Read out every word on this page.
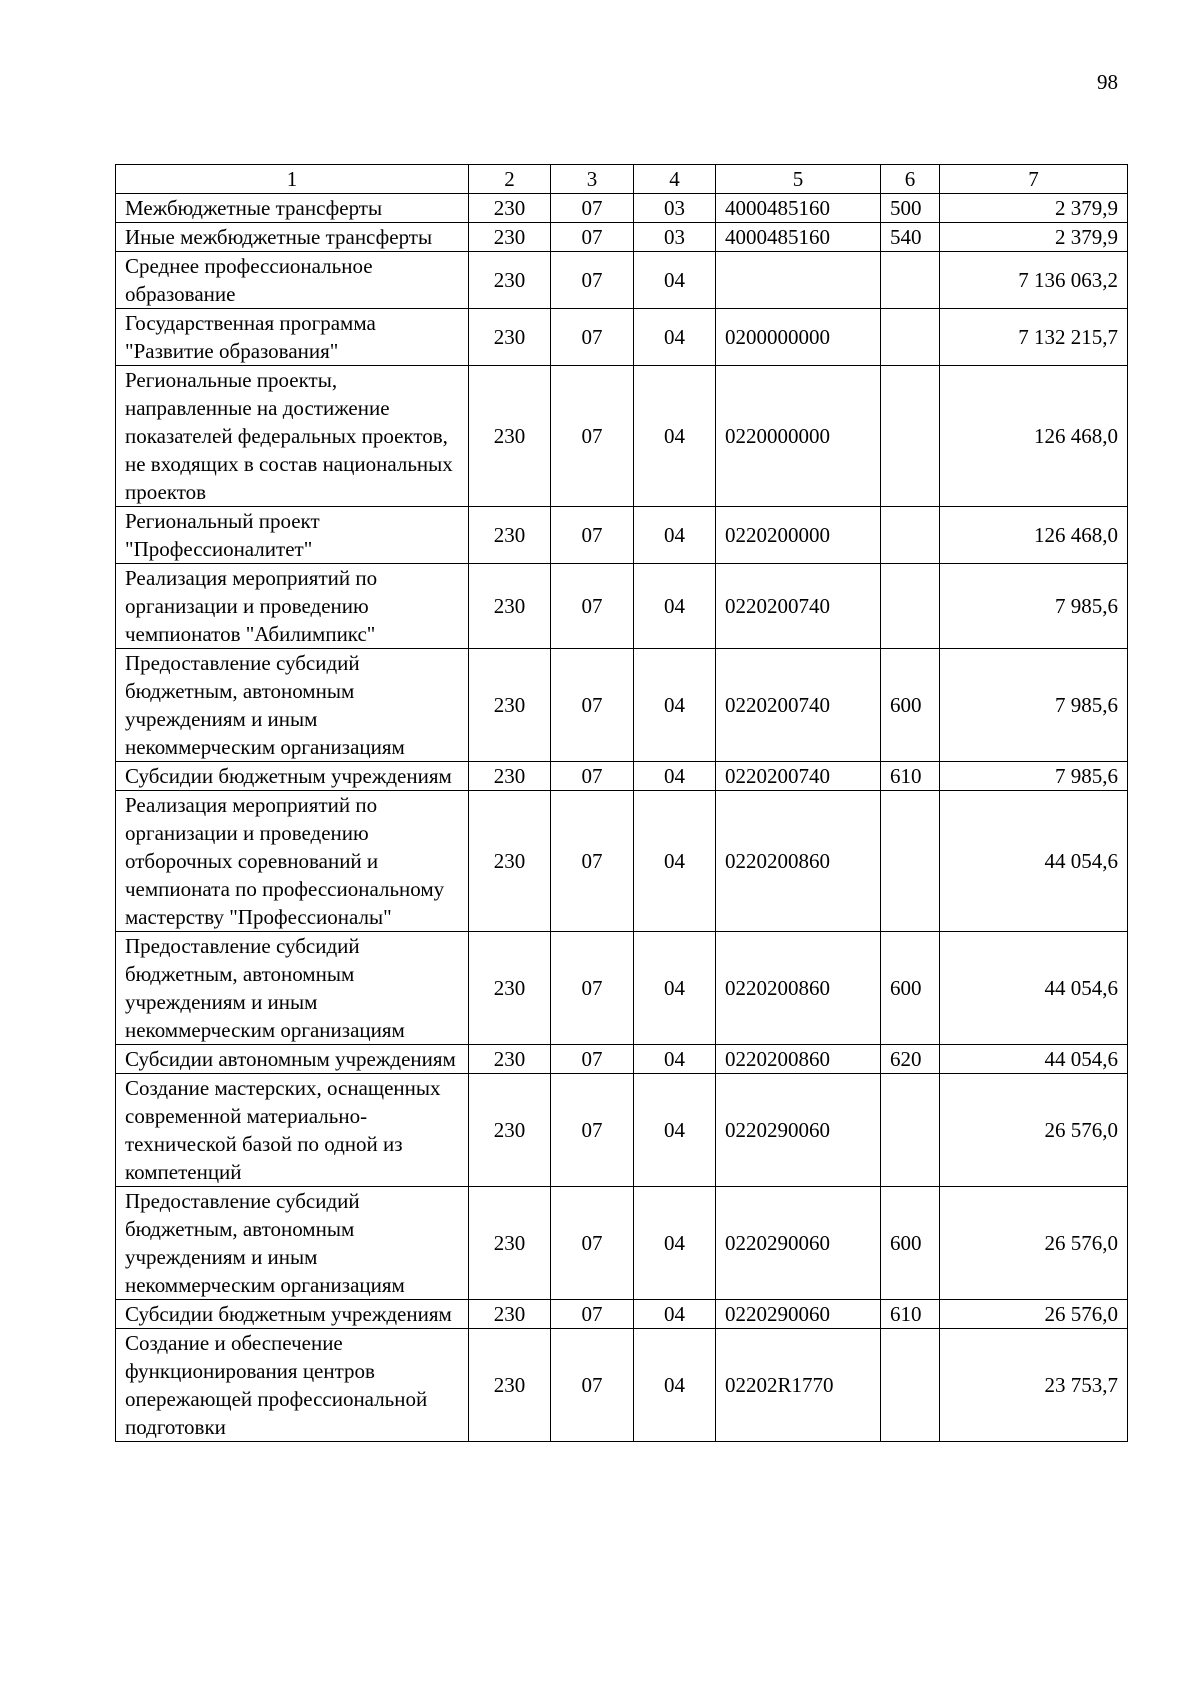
98
1	2	3	4	5	6	7
Межбюджетные трансферты	230	07	03	4000485160	500	2 379,9
Иные межбюджетные трансферты	230	07	03	4000485160	540	2 379,9
Среднее профессиональное образование	230	07	04			7 136 063,2
Государственная программа "Развитие образования"	230	07	04	0200000000		7 132 215,7
Региональные проекты, направленные на достижение показателей федеральных проектов, не входящих в состав национальных проектов	230	07	04	0220000000		126 468,0
Региональный проект "Профессионалитет"	230	07	04	0220200000		126 468,0
Реализация мероприятий по организации и проведению чемпионатов "Абилимпикс"	230	07	04	0220200740		7 985,6
Предоставление субсидий бюджетным, автономным учреждениям и иным некоммерческим организациям	230	07	04	0220200740	600	7 985,6
Субсидии бюджетным учреждениям	230	07	04	0220200740	610	7 985,6
Реализация мероприятий по организации и проведению отборочных соревнований и чемпионата по профессиональному мастерству "Профессионалы"	230	07	04	0220200860		44 054,6
Предоставление субсидий бюджетным, автономным учреждениям и иным некоммерческим организациям	230	07	04	0220200860	600	44 054,6
Субсидии автономным учреждениям	230	07	04	0220200860	620	44 054,6
Создание мастерских, оснащенных современной материально-технической базой по одной из компетенций	230	07	04	0220290060		26 576,0
Предоставление субсидий бюджетным, автономным учреждениям и иным некоммерческим организациям	230	07	04	0220290060	600	26 576,0
Субсидии бюджетным учреждениям	230	07	04	0220290060	610	26 576,0
Создание и обеспечение функционирования центров опережающей профессиональной подготовки	230	07	04	02202R1770		23 753,7
